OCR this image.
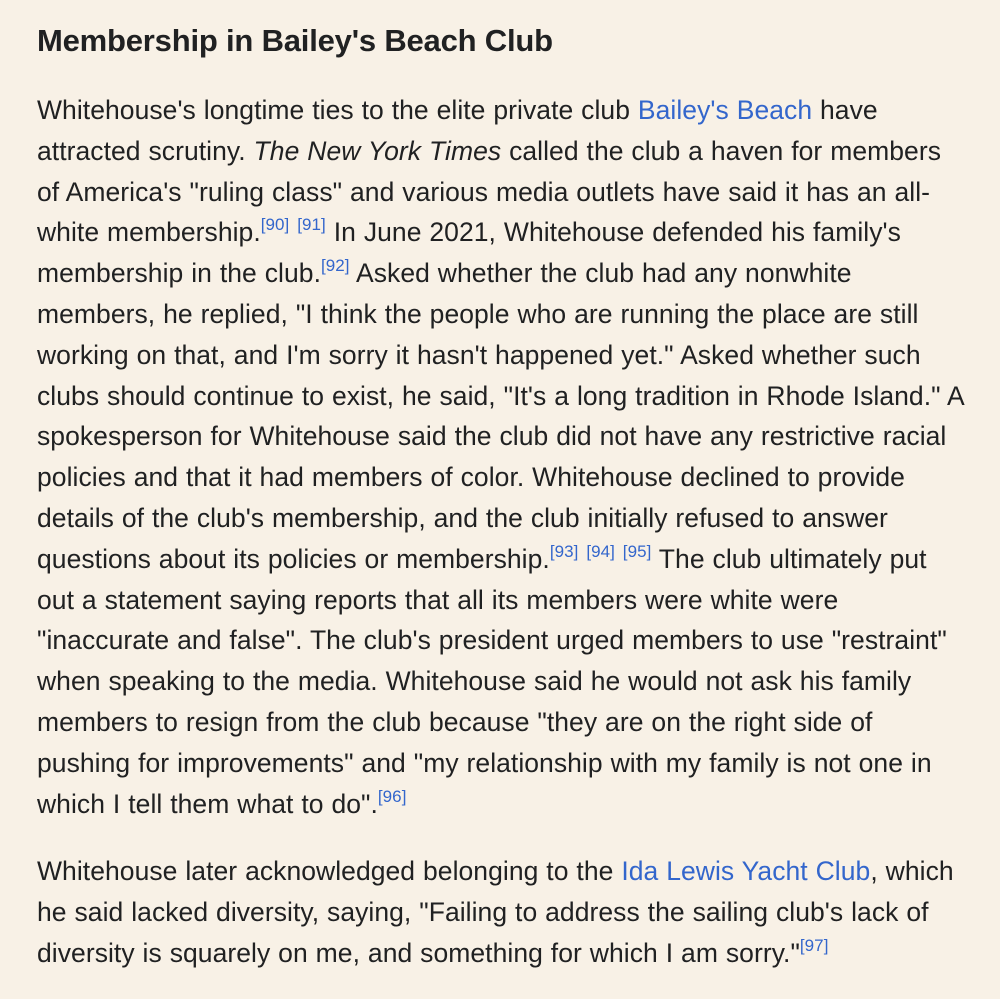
Membership in Bailey's Beach Club

Whitehouse's longtime ties to the elite private club Bailey's Beach have attracted scrutiny. The New York Times called the club a haven for members of America's "ruling class" and various media outlets have said it has an all-white membership.[90] [91] In June 2021, Whitehouse defended his family's membership in the club.[92] Asked whether the club had any nonwhite members, he replied, "I think the people who are running the place are still working on that, and I'm sorry it hasn't happened yet." Asked whether such clubs should continue to exist, he said, "It's a long tradition in Rhode Island." A spokesperson for Whitehouse said the club did not have any restrictive racial policies and that it had members of color. Whitehouse declined to provide details of the club's membership, and the club initially refused to answer questions about its policies or membership.[93] [94] [95] The club ultimately put out a statement saying reports that all its members were white were "inaccurate and false". The club's president urged members to use "restraint" when speaking to the media. Whitehouse said he would not ask his family members to resign from the club because "they are on the right side of pushing for improvements" and "my relationship with my family is not one in which I tell them what to do".[96]

Whitehouse later acknowledged belonging to the Ida Lewis Yacht Club, which he said lacked diversity, saying, "Failing to address the sailing club's lack of diversity is squarely on me, and something for which I am sorry."[97]
